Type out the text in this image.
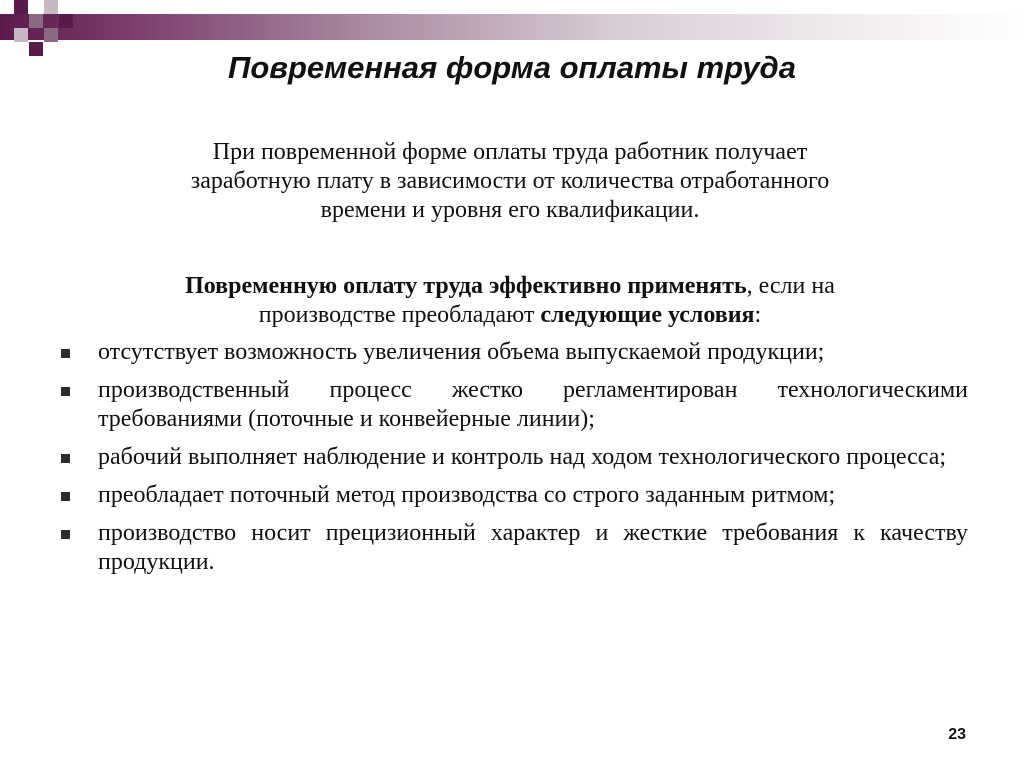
Повременная форма оплаты труда

При повременной форме оплаты труда работник получает
заработную плату в зависимости от количества отработанного
времени и уровня его квалификации.

Повременную оплату труда эффективно применять, если на
производстве преобладают следующие условия:

отсутствует возможность увеличения объема выпускаемой продукции;
производственный процесс жестко регламентирован технологическими требованиями (поточные и конвейерные линии);
рабочий выполняет наблюдение и контроль над ходом технологического процесса;
преобладает поточный метод производства со строго заданным ритмом;
производство носит прецизионный характер и жесткие требования к качеству продукции.
23
